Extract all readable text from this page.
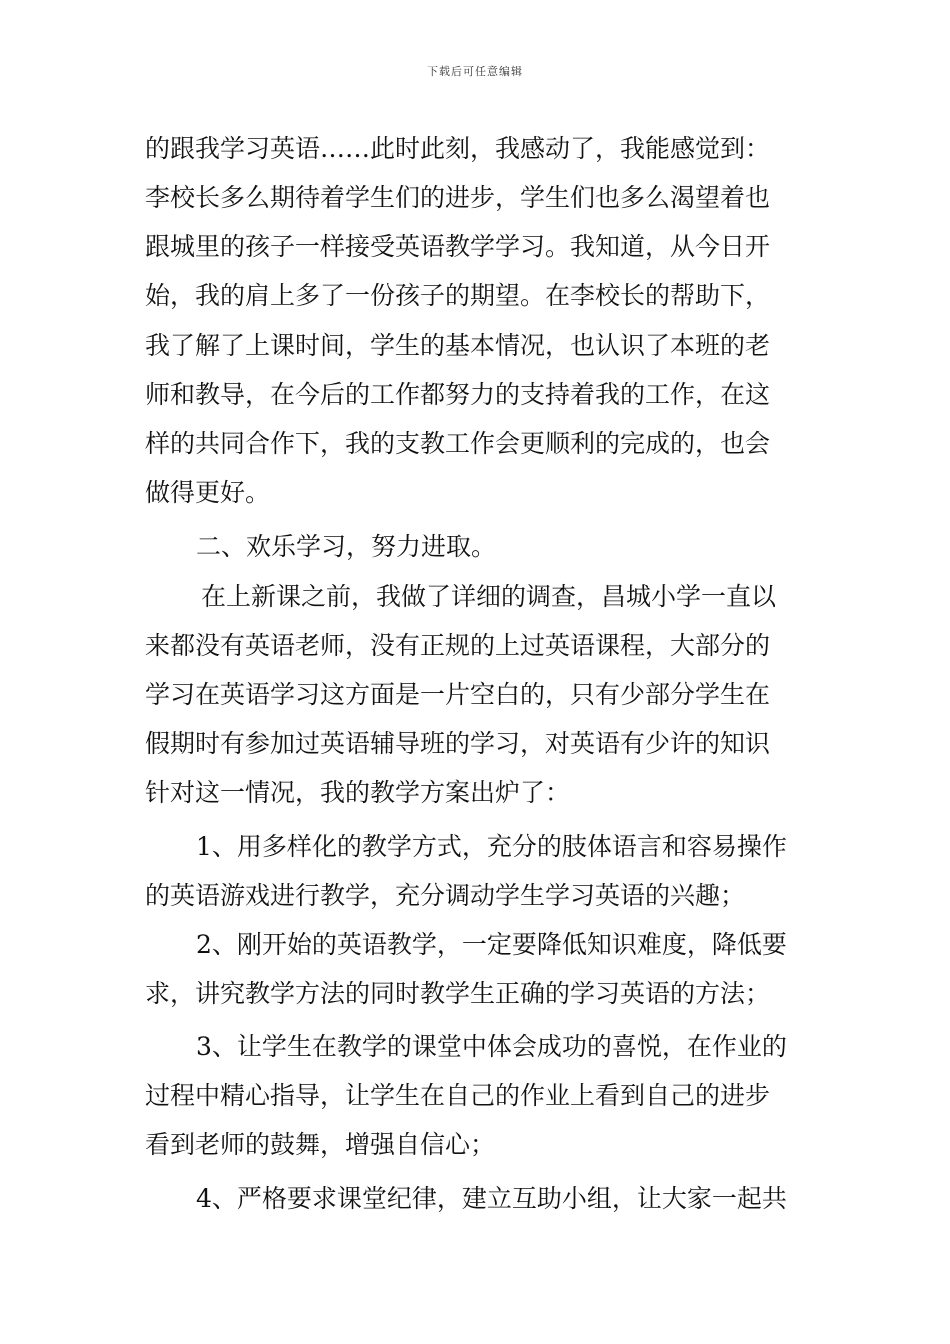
下载后可任意编辑
的跟我学习英语……此时此刻，我感动了，我能感觉到：
李校长多么期待着学生们的进步，学生们也多么渴望着也
跟城里的孩子一样接受英语教学学习。我知道，从今日开
始，我的肩上多了一份孩子的期望。在李校长的帮助下，
我了解了上课时间，学生的基本情况，也认识了本班的老
师和教导，在今后的工作都努力的支持着我的工作，在这
样的共同合作下，我的支教工作会更顺利的完成的，也会
做得更好。
二、欢乐学习，努力进取。
在上新课之前，我做了详细的调查，昌城小学一直以
来都没有英语老师，没有正规的上过英语课程，大部分的
学习在英语学习这方面是一片空白的，只有少部分学生在
假期时有参加过英语辅导班的学习，对英语有少许的知识
针对这一情况，我的教学方案出炉了：
1、用多样化的教学方式，充分的肢体语言和容易操作
的英语游戏进行教学，充分调动学生学习英语的兴趣；
2、刚开始的英语教学，一定要降低知识难度，降低要
求，讲究教学方法的同时教学生正确的学习英语的方法；
3、让学生在教学的课堂中体会成功的喜悦，在作业的
过程中精心指导，让学生在自己的作业上看到自己的进步
看到老师的鼓舞，增强自信心；
4、严格要求课堂纪律，建立互助小组，让大家一起共
